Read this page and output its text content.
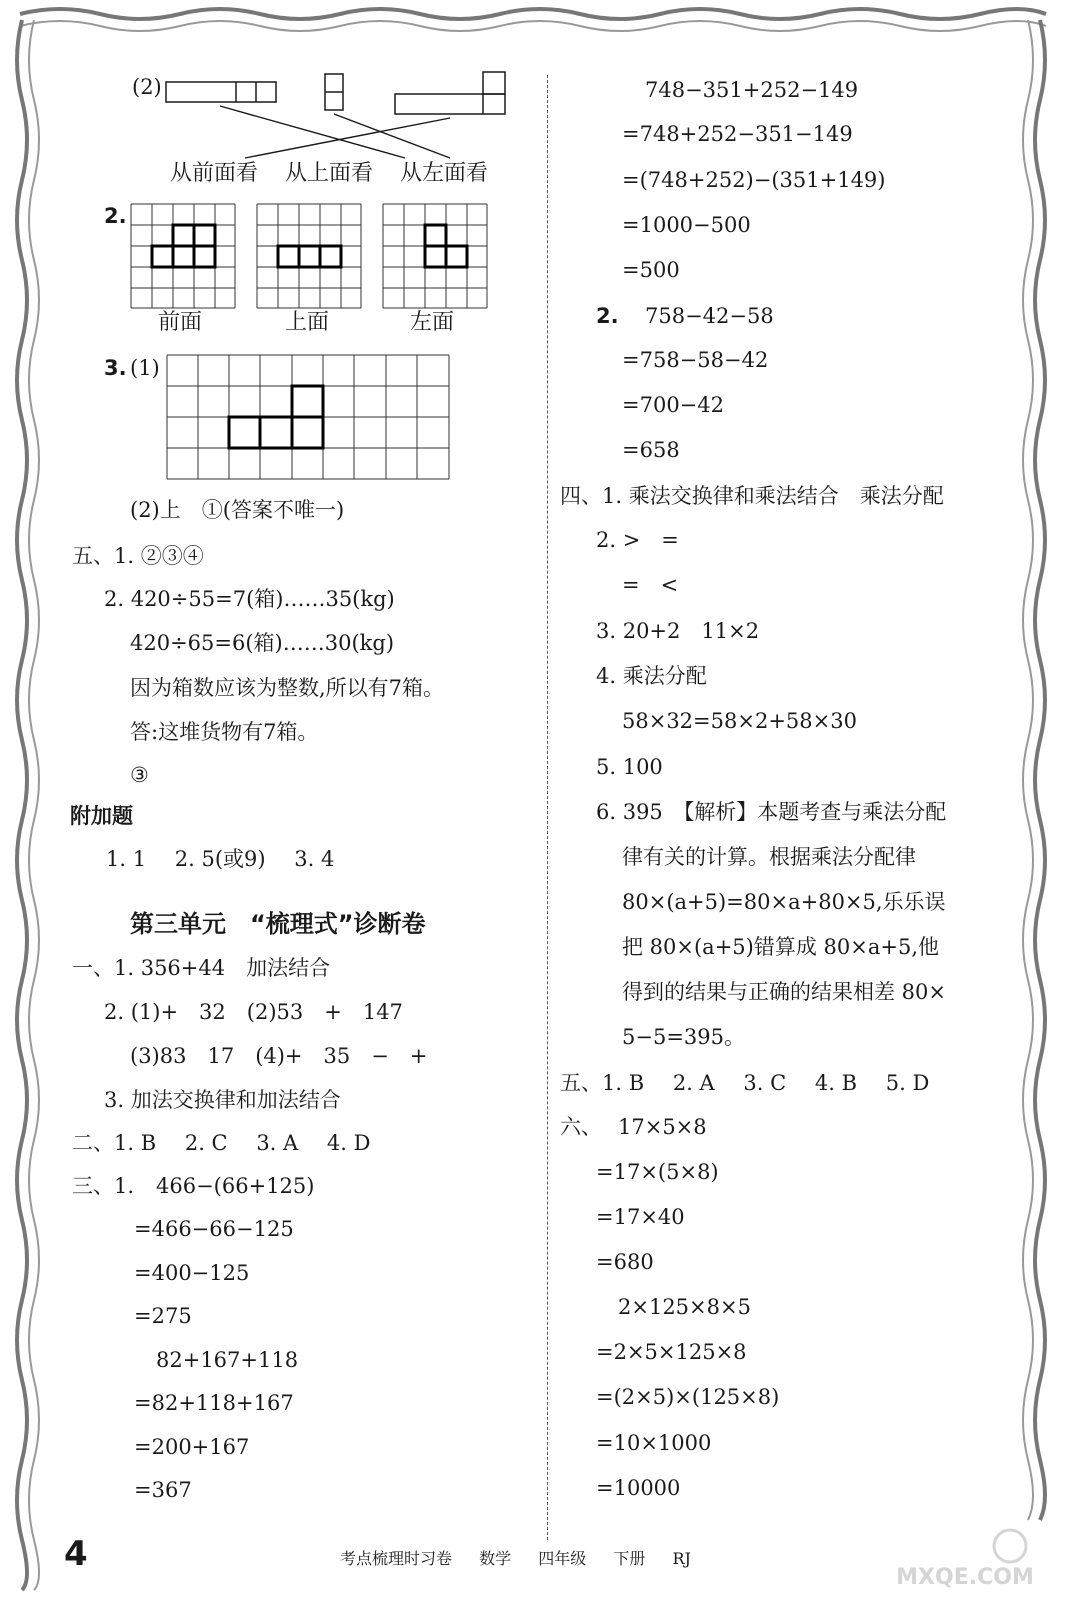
(2)
从前面看 从上面看 从左面看
2.
前面	上面	左面
3. (1)
(2)上　①(答案不唯一)
五、1. ②③④
2. 420÷55=7(箱)……35(kg)
420÷65=6(箱)……30(kg)
因为箱数应该为整数,所以有7箱。
答:这堆货物有7箱。
③
附加题
1. 1 2. 5(或9) 3. 4
第三单元　“梳理式”诊断卷
一、1. 356+44　加法结合
2. (1)+　32　(2)53　+　147
(3)83　17　(4)+　35　−　+
3. 加法交换律和加法结合
二、1. B 2. C 3. A 4. D
三、1. 466−(66+125)
=466−66−125
=400−125
=275
82+167+118
=82+118+167
=200+167
=367
748−351+252−149
=748+252−351−149
=(748+252)−(351+149)
=1000−500
=500
2. 758−42−58
=758−58−42
=700−42
=658
四、1. 乘法交换律和乘法结合　乘法分配
2. >　=
=　<
3. 20+2　11×2
4. 乘法分配
58×32=58×2+58×30
5. 100
6. 395　【解析】本题考查与乘法分配
律有关的计算。根据乘法分配律
80×(a+5)=80×a+80×5,乐乐误
把 80×(a+5)错算成 80×a+5,他
得到的结果与正确的结果相差 80×
5−5=395。
五、1. B 2. A 3. C 4. B 5. D
六、 17×5×8
=17×(5×8)
=17×40
=680
2×125×8×5
=2×5×125×8
=(2×5)×(125×8)
=10×1000
=10000
4	考点梳理时习卷 数学 四年级 下册 RJ
MXQE.COM
